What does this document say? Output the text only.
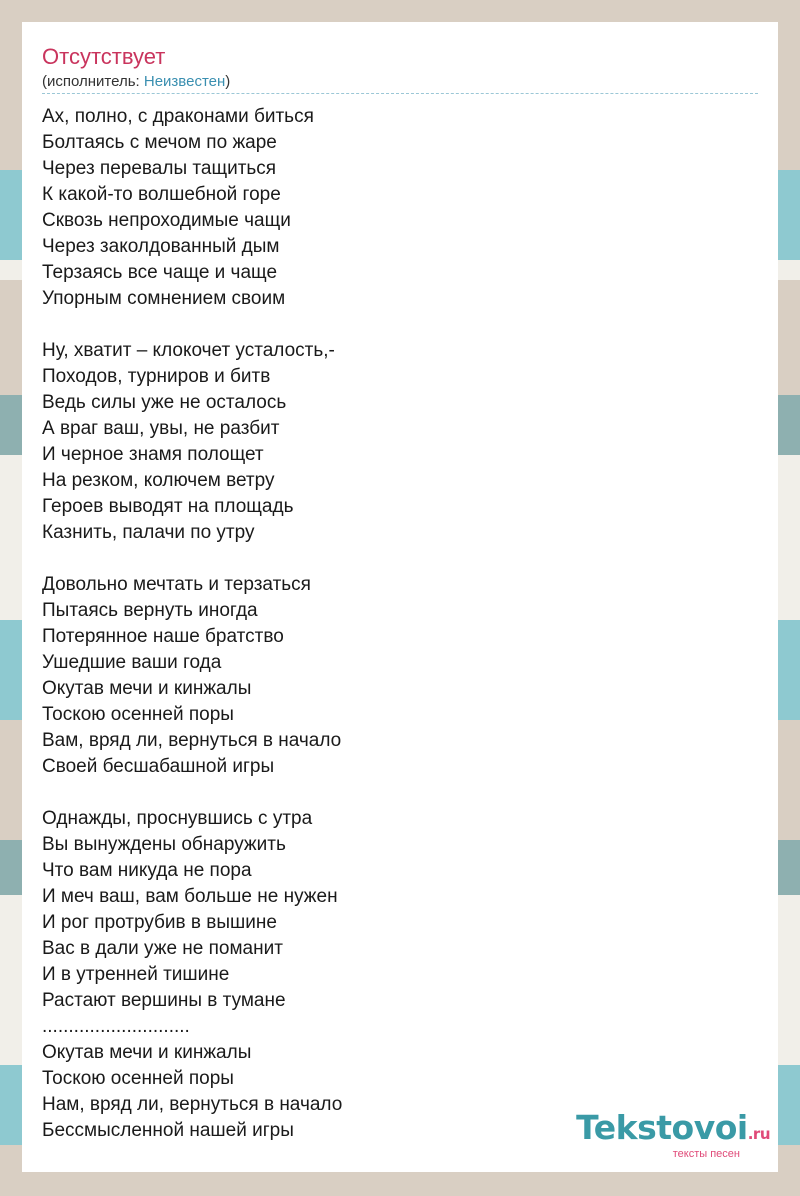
Отсутствует
(исполнитель: Неизвестен)
Ах, полно, с драконами биться
Болтаясь с мечом по жаре
Через перевалы тащиться
К какой-то волшебной горе
Сквозь непроходимые чащи
Через заколдованный дым
Терзаясь все чаще и чаще
Упорным сомнением своим
Ну, хватит – клокочет усталость,-
Походов, турниров и битв
Ведь силы уже не осталось
А враг ваш, увы, не разбит
И черное знамя полощет
На резком, колючем ветру
Героев выводят на площадь
Казнить, палачи по утру
Довольно мечтать и терзаться
Пытаясь вернуть иногда
Потерянное наше братство
Ушедшие ваши года
Окутав мечи и кинжалы
Тоскою осенней поры
Вам, вряд ли, вернуться в начало
Своей бесшабашной игры
Однажды, проснувшись с утра
Вы вынуждены обнаружить
Что вам никуда не пора
И меч ваш, вам больше не нужен
И рог протрубив в вышине
Вас в дали уже не поманит
И в утренней тишине
Растают вершины в тумане
............................
Окутав мечи и кинжалы
Тоскою осенней поры
Нам, вряд ли, вернуться в начало
Бессмысленной нашей игры	Tekstovoi.ru
тексты песен
